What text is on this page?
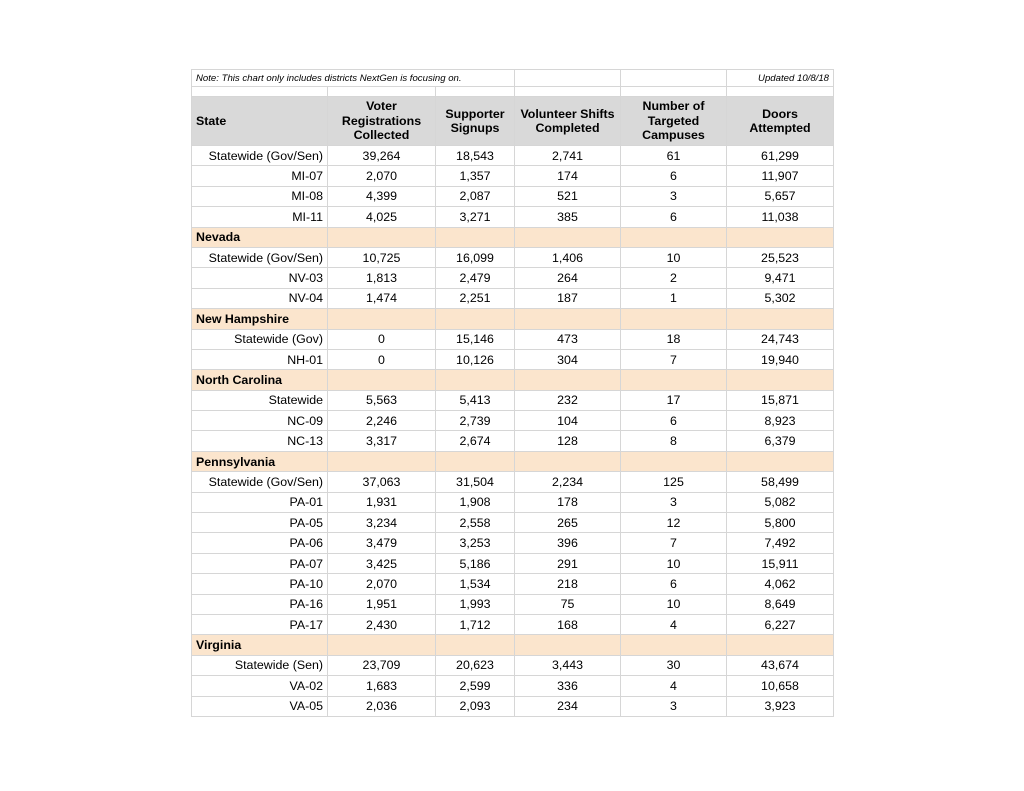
Note: This chart only includes districts NextGen is focusing on.					Updated 10/8/18

State	Voter Registrations Collected	Supporter Signups	Volunteer Shifts Completed	Number of Targeted Campuses	Doors Attempted
Statewide (Gov/Sen)	39,264	18,543	2,741	61	61,299
MI-07	2,070	1,357	174	6	11,907
MI-08	4,399	2,087	521	3	5,657
MI-11	4,025	3,271	385	6	11,038
Nevada					
Statewide (Gov/Sen)	10,725	16,099	1,406	10	25,523
NV-03	1,813	2,479	264	2	9,471
NV-04	1,474	2,251	187	1	5,302
New Hampshire					
Statewide (Gov)	0	15,146	473	18	24,743
NH-01	0	10,126	304	7	19,940
North Carolina					
Statewide	5,563	5,413	232	17	15,871
NC-09	2,246	2,739	104	6	8,923
NC-13	3,317	2,674	128	8	6,379
Pennsylvania					
Statewide (Gov/Sen)	37,063	31,504	2,234	125	58,499
PA-01	1,931	1,908	178	3	5,082
PA-05	3,234	2,558	265	12	5,800
PA-06	3,479	3,253	396	7	7,492
PA-07	3,425	5,186	291	10	15,911
PA-10	2,070	1,534	218	6	4,062
PA-16	1,951	1,993	75	10	8,649
PA-17	2,430	1,712	168	4	6,227
Virginia					
Statewide (Sen)	23,709	20,623	3,443	30	43,674
VA-02	1,683	2,599	336	4	10,658
VA-05	2,036	2,093	234	3	3,923
